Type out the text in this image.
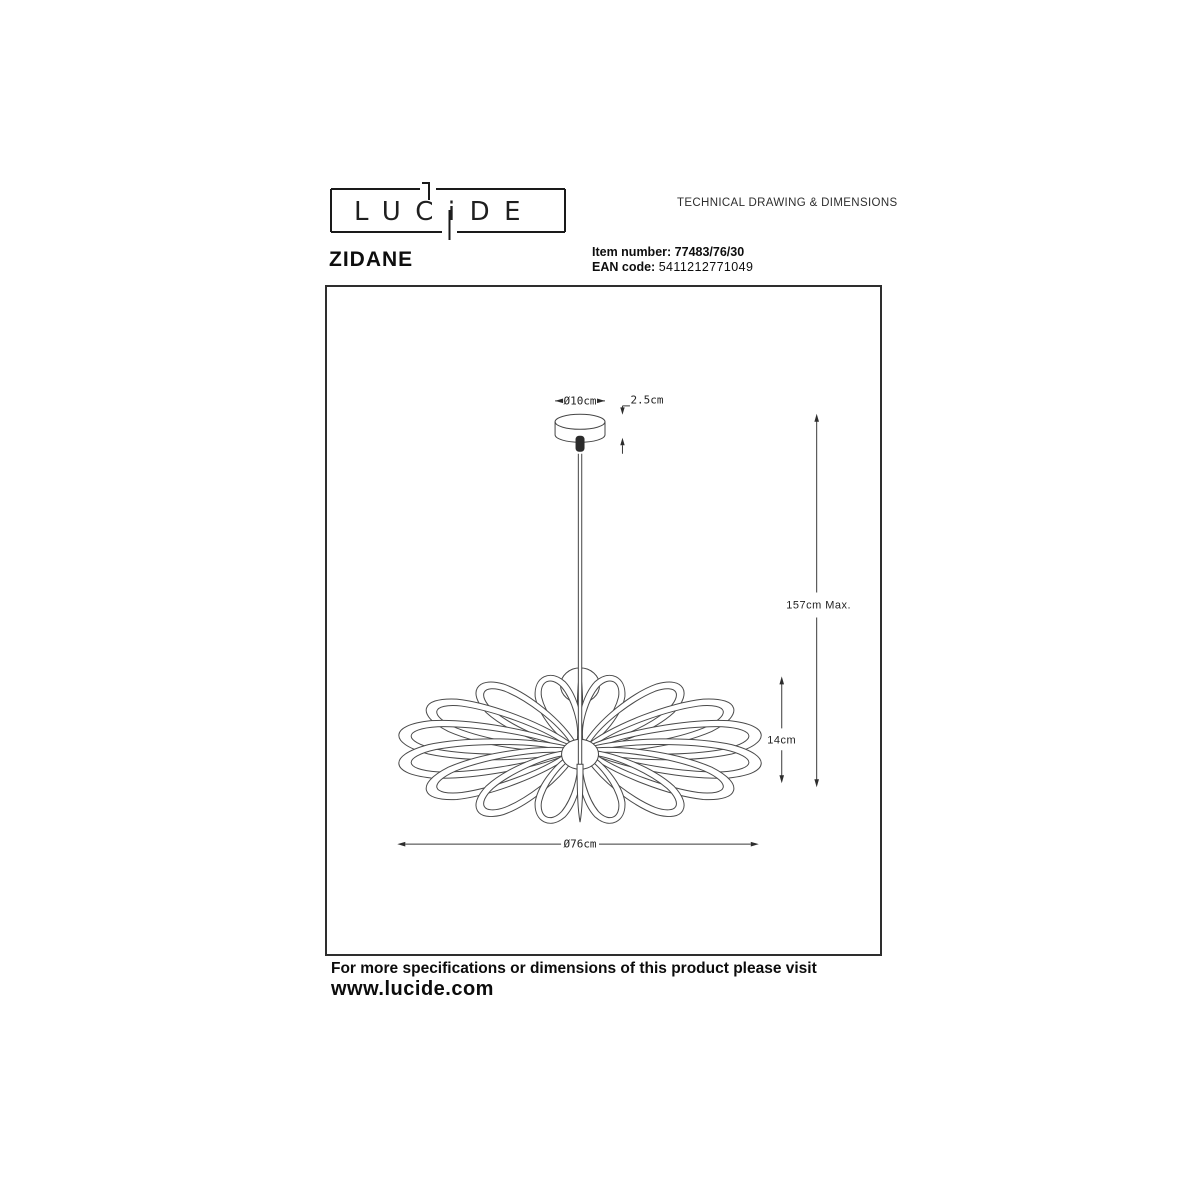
LUCiDE	TECHNICAL DRAWING & DIMENSIONS
ZIDANE	Item number: 77483/76/30
EAN code: 5411212771049
Ø10cm	2.5cm
157cm Max.
14cm
Ø76cm
For more specifications or dimensions of this product please visit
www.lucide.com
